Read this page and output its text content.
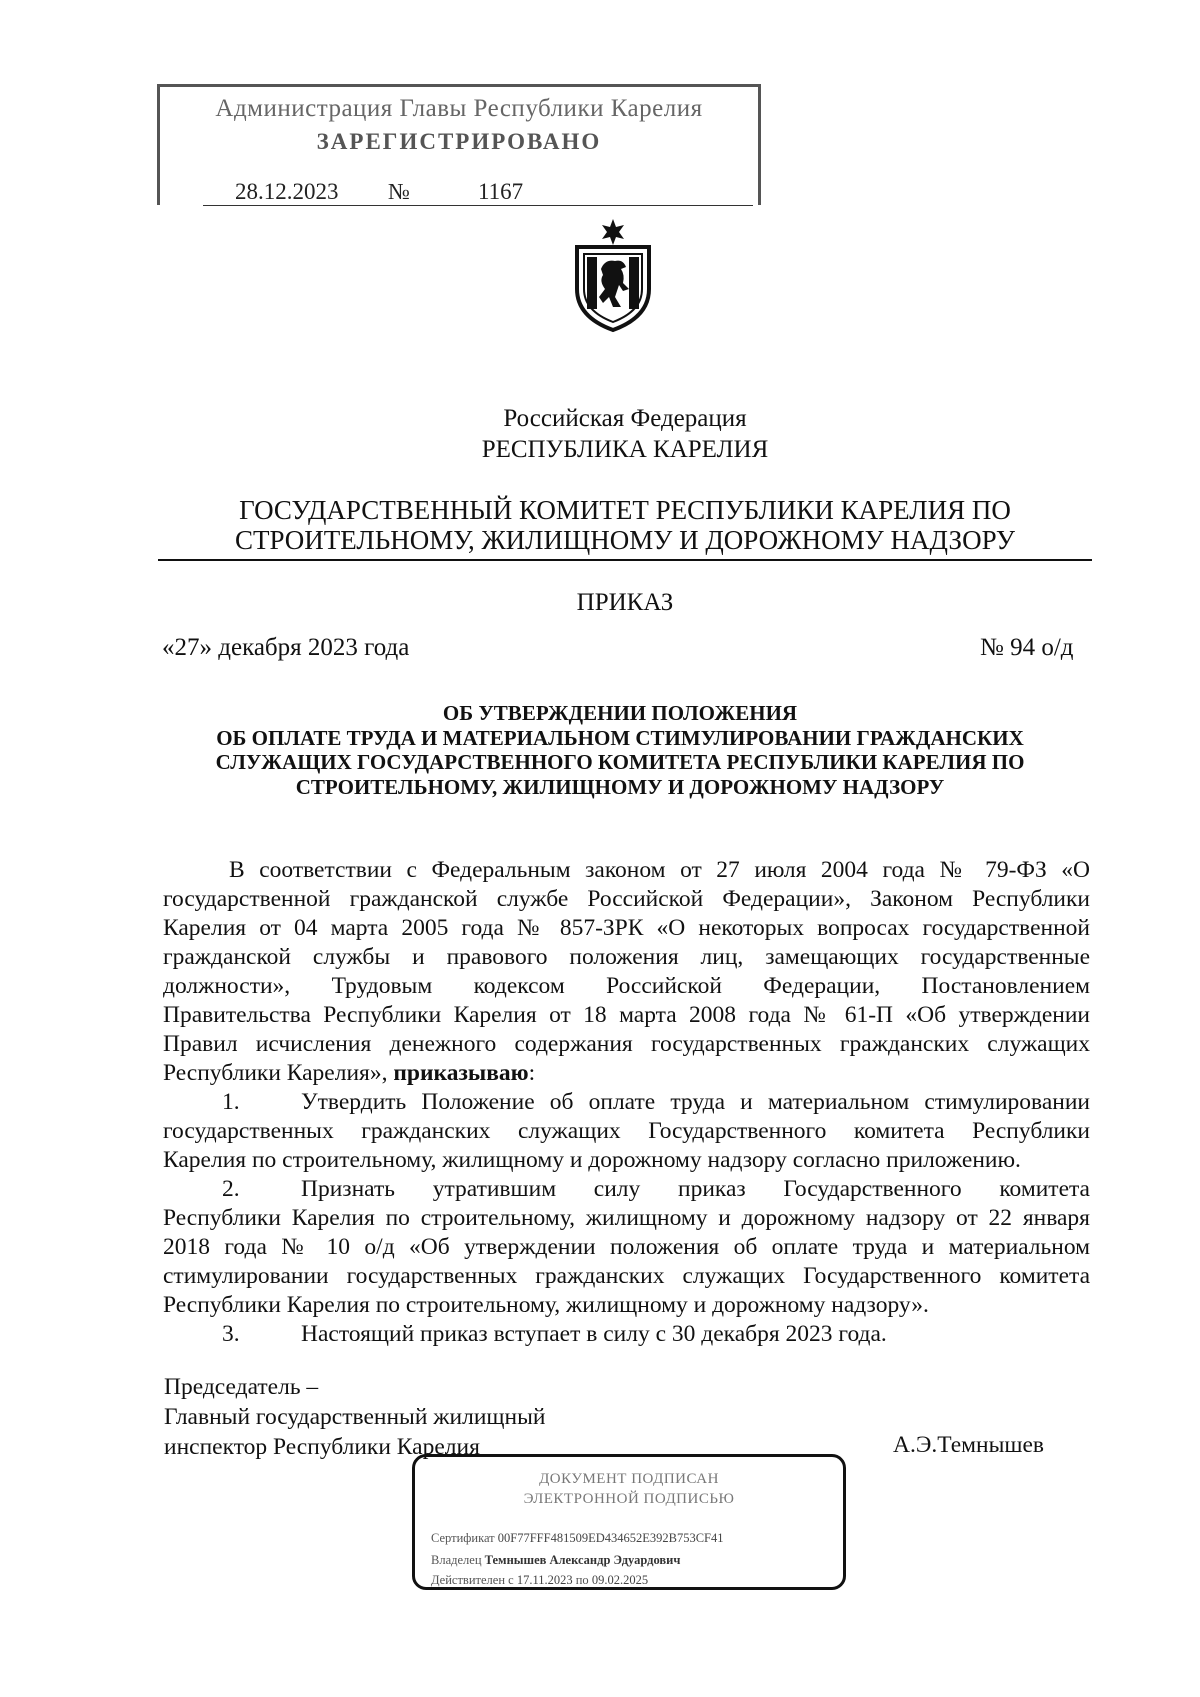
Администрация Главы Республики Карелия
ЗАРЕГИСТРИРОВАНО
28.12.2023 №	1167
Российская Федерация
РЕСПУБЛИКА КАРЕЛИЯ
ГОСУДАРСТВЕННЫЙ КОМИТЕТ РЕСПУБЛИКИ КАРЕЛИЯ ПО
СТРОИТЕЛЬНОМУ, ЖИЛИЩНОМУ И ДОРОЖНОМУ НАДЗОРУ
ПРИКАЗ
«27» декабря 2023 года	№ 94 о/д
ОБ УТВЕРЖДЕНИИ ПОЛОЖЕНИЯ
ОБ ОПЛАТЕ ТРУДА И МАТЕРИАЛЬНОМ СТИМУЛИРОВАНИИ ГРАЖДАНСКИХ
СЛУЖАЩИХ ГОСУДАРСТВЕННОГО КОМИТЕТА РЕСПУБЛИКИ КАРЕЛИЯ ПО
СТРОИТЕЛЬНОМУ, ЖИЛИЩНОМУ И ДОРОЖНОМУ НАДЗОРУ
В соответствии с Федеральным законом от 27 июля 2004 года № 79-ФЗ «О
государственной гражданской службе Российской Федерации», Законом Республики
Карелия от 04 марта 2005 года № 857-ЗРК «О некоторых вопросах государственной
гражданской службы и правового положения лиц, замещающих государственные
должности», Трудовым кодексом Российской Федерации, Постановлением
Правительства Республики Карелия от 18 марта 2008 года № 61-П «Об утверждении
Правил исчисления денежного содержания государственных гражданских служащих
Республики Карелия», приказываю:
1.	Утвердить Положение об оплате труда и материальном стимулировании
государственных гражданских служащих Государственного комитета Республики
Карелия по строительному, жилищному и дорожному надзору согласно приложению.
2.	Признать утратившим силу приказ Государственного комитета
Республики Карелия по строительному, жилищному и дорожному надзору от 22 января
2018 года № 10 о/д «Об утверждении положения об оплате труда и материальном
стимулировании государственных гражданских служащих Государственного комитета
Республики Карелия по строительному, жилищному и дорожному надзору».
3.	Настоящий приказ вступает в силу с 30 декабря 2023 года.
Председатель –
Главный государственный жилищный
инспектор Республики Карелия	А.Э.Темнышев
ДОКУМЕНТ ПОДПИСАН
ЭЛЕКТРОННОЙ ПОДПИСЬЮ
Сертификат 00F77FFF481509ED434652E392B753CF41
Владелец Темнышев Александр Эдуардович
Действителен с 17.11.2023 по 09.02.2025
